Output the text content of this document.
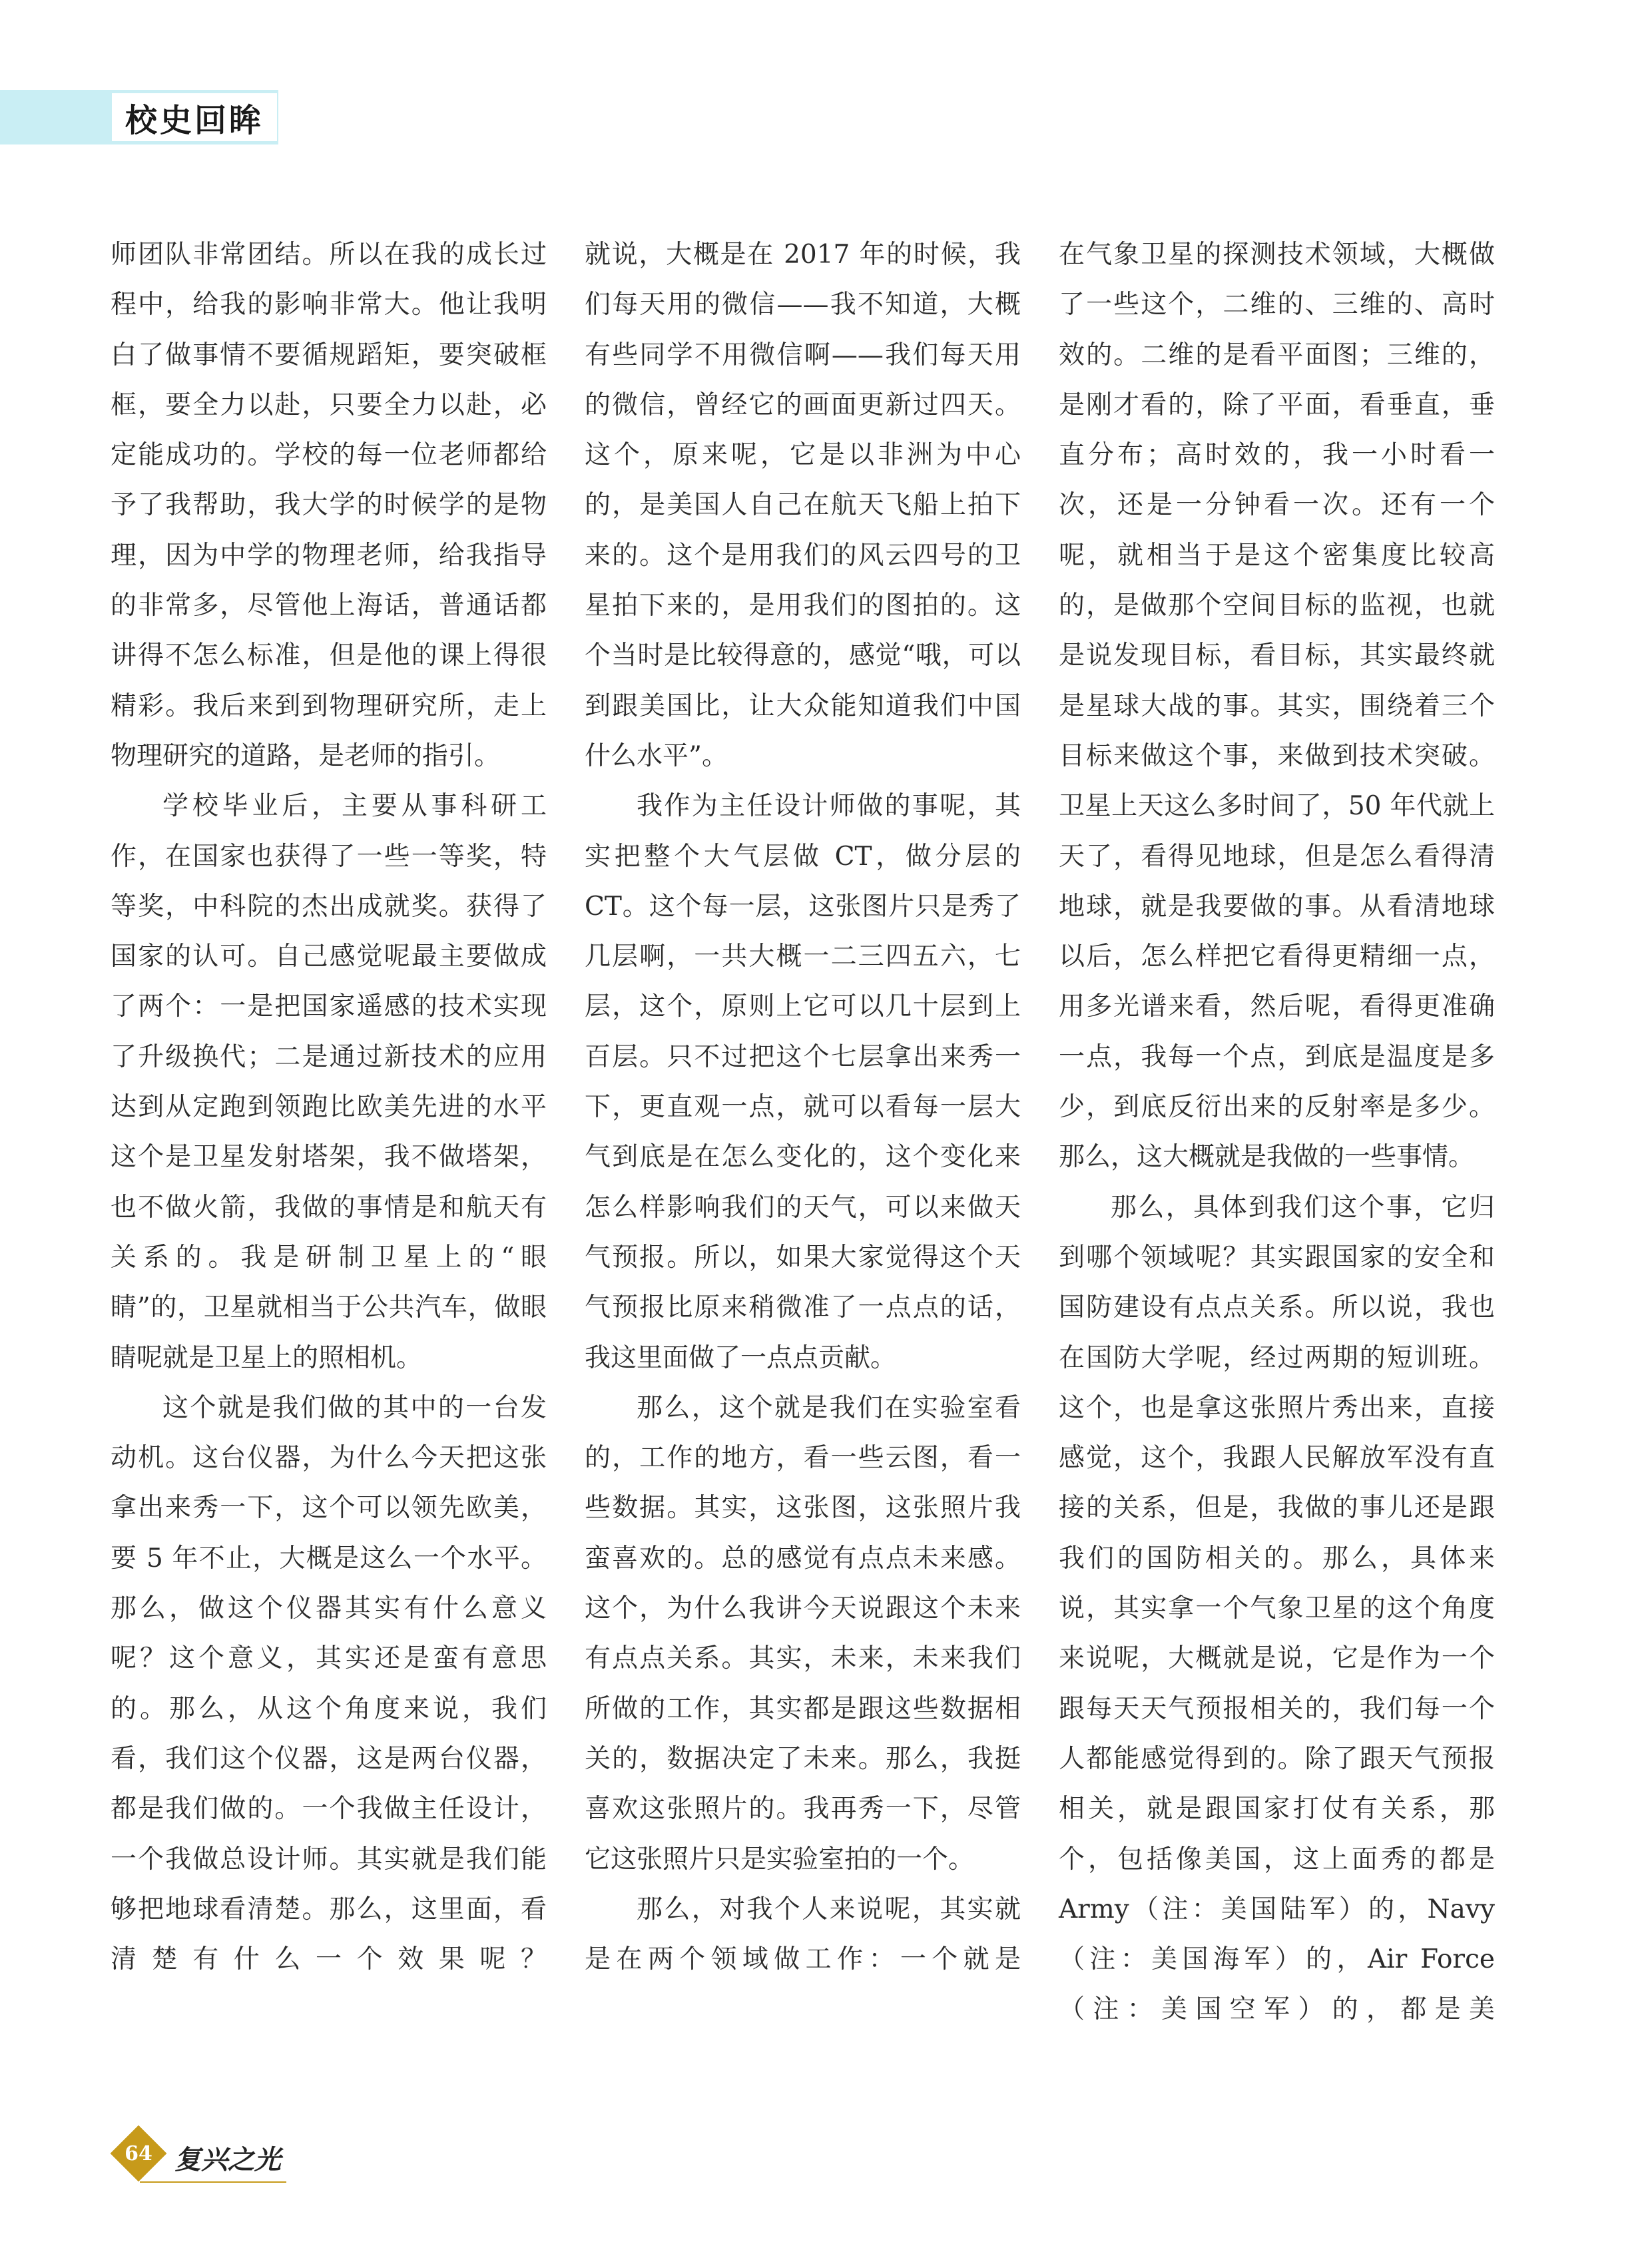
校史回眸

师团队非常团结。所以在我的成长过程中，给我的影响非常大。他让我明白了做事情不要循规蹈矩，要突破框框，要全力以赴，只要全力以赴，必定能成功的。学校的每一位老师都给予了我帮助，我大学的时候学的是物理，因为中学的物理老师，给我指导的非常多，尽管他上海话，普通话都讲得不怎么标准，但是他的课上得很精彩。我后来到到物理研究所，走上物理研究的道路，是老师的指引。

学校毕业后，主要从事科研工作，在国家也获得了一些一等奖，特等奖，中科院的杰出成就奖。获得了国家的认可。自己感觉呢最主要做成了两个：一是把国家遥感的技术实现了升级换代；二是通过新技术的应用达到从定跑到领跑比欧美先进的水平这个是卫星发射塔架，我不做塔架，也不做火箭，我做的事情是和航天有关系的。我是研制卫星上的“眼睛”的，卫星就相当于公共汽车，做眼睛呢就是卫星上的照相机。

这个就是我们做的其中的一台发动机。这台仪器，为什么今天把这张拿出来秀一下，这个可以领先欧美，要 5 年不止，大概是这么一个水平。那么，做这个仪器其实有什么意义呢？这个意义，其实还是蛮有意思的。那么，从这个角度来说，我们看，我们这个仪器，这是两台仪器，都是我们做的。一个我做主任设计，一个我做总设计师。其实就是我们能够把地球看清楚。那么，这里面，看清楚有什么一个效果呢？

就说，大概是在 2017 年的时候，我们每天用的微信——我不知道，大概有些同学不用微信啊——我们每天用的微信，曾经它的画面更新过四天。这个，原来呢，它是以非洲为中心的，是美国人自己在航天飞船上拍下来的。这个是用我们的风云四号的卫星拍下来的，是用我们的图拍的。这个当时是比较得意的，感觉“哦，可以到跟美国比，让大众能知道我们中国什么水平”。

我作为主任设计师做的事呢，其实把整个大气层做 CT，做分层的 CT。这个每一层，这张图片只是秀了几层啊，一共大概一二三四五六，七层，这个，原则上它可以几十层到上百层。只不过把这个七层拿出来秀一下，更直观一点，就可以看每一层大气到底是在怎么变化的，这个变化来怎么样影响我们的天气，可以来做天气预报。所以，如果大家觉得这个天气预报比原来稍微准了一点点的话，我这里面做了一点点贡献。

那么，这个就是我们在实验室看的，工作的地方，看一些云图，看一些数据。其实，这张图，这张照片我蛮喜欢的。总的感觉有点点未来感。这个，为什么我讲今天说跟这个未来有点点关系。其实，未来，未来我们所做的工作，其实都是跟这些数据相关的，数据决定了未来。那么，我挺喜欢这张照片的。我再秀一下，尽管它这张照片只是实验室拍的一个。

那么，对我个人来说呢，其实就是在两个领域做工作：一个就是

在气象卫星的探测技术领域，大概做了一些这个，二维的、三维的、高时效的。二维的是看平面图；三维的，是刚才看的，除了平面，看垂直，垂直分布；高时效的，我一小时看一次，还是一分钟看一次。还有一个呢，就相当于是这个密集度比较高的，是做那个空间目标的监视，也就是说发现目标，看目标，其实最终就是星球大战的事。其实，围绕着三个目标来做这个事，来做到技术突破。卫星上天这么多时间了，50 年代就上天了，看得见地球，但是怎么看得清地球，就是我要做的事。从看清地球以后，怎么样把它看得更精细一点，用多光谱来看，然后呢，看得更准确一点，我每一个点，到底是温度是多少，到底反衍出来的反射率是多少。那么，这大概就是我做的一些事情。

那么，具体到我们这个事，它归到哪个领域呢？其实跟国家的安全和国防建设有点点关系。所以说，我也在国防大学呢，经过两期的短训班。这个，也是拿这张照片秀出来，直接感觉，这个，我跟人民解放军没有直接的关系，但是，我做的事儿还是跟我们的国防相关的。那么，具体来说，其实拿一个气象卫星的这个角度来说呢，大概就是说，它是作为一个跟每天天气预报相关的，我们每一个人都能感觉得到的。除了跟天气预报相关，就是跟国家打仗有关系，那个，包括像美国，这上面秀的都是 Army（注：美国陆军）的，Navy（注：美国海军）的，Air Force（注：美国空军）的，都是美

64 复兴之光
